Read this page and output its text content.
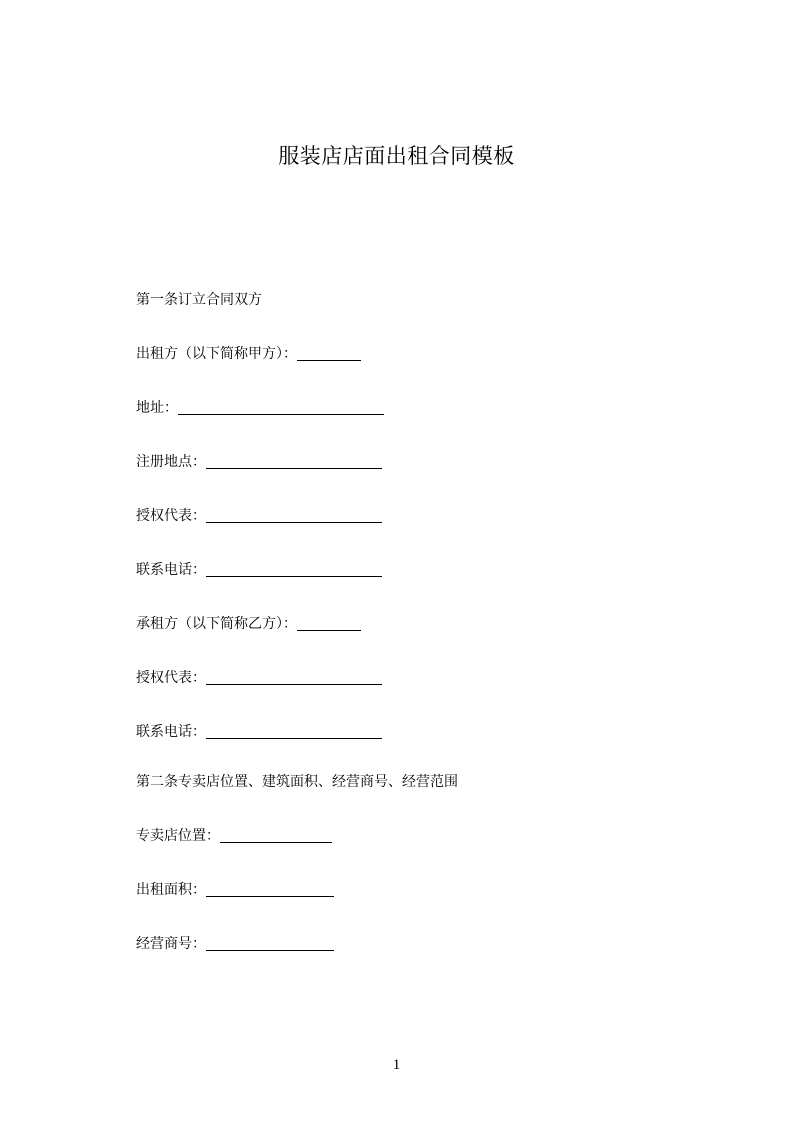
服装店店面出租合同模板
第一条订立合同双方
出租方（以下简称甲方）：
地址：
注册地点：
授权代表：
联系电话：
承租方（以下简称乙方）：
授权代表：
联系电话：
第二条专卖店位置、建筑面积、经营商号、经营范围
专卖店位置：
出租面积：
经营商号：
1
